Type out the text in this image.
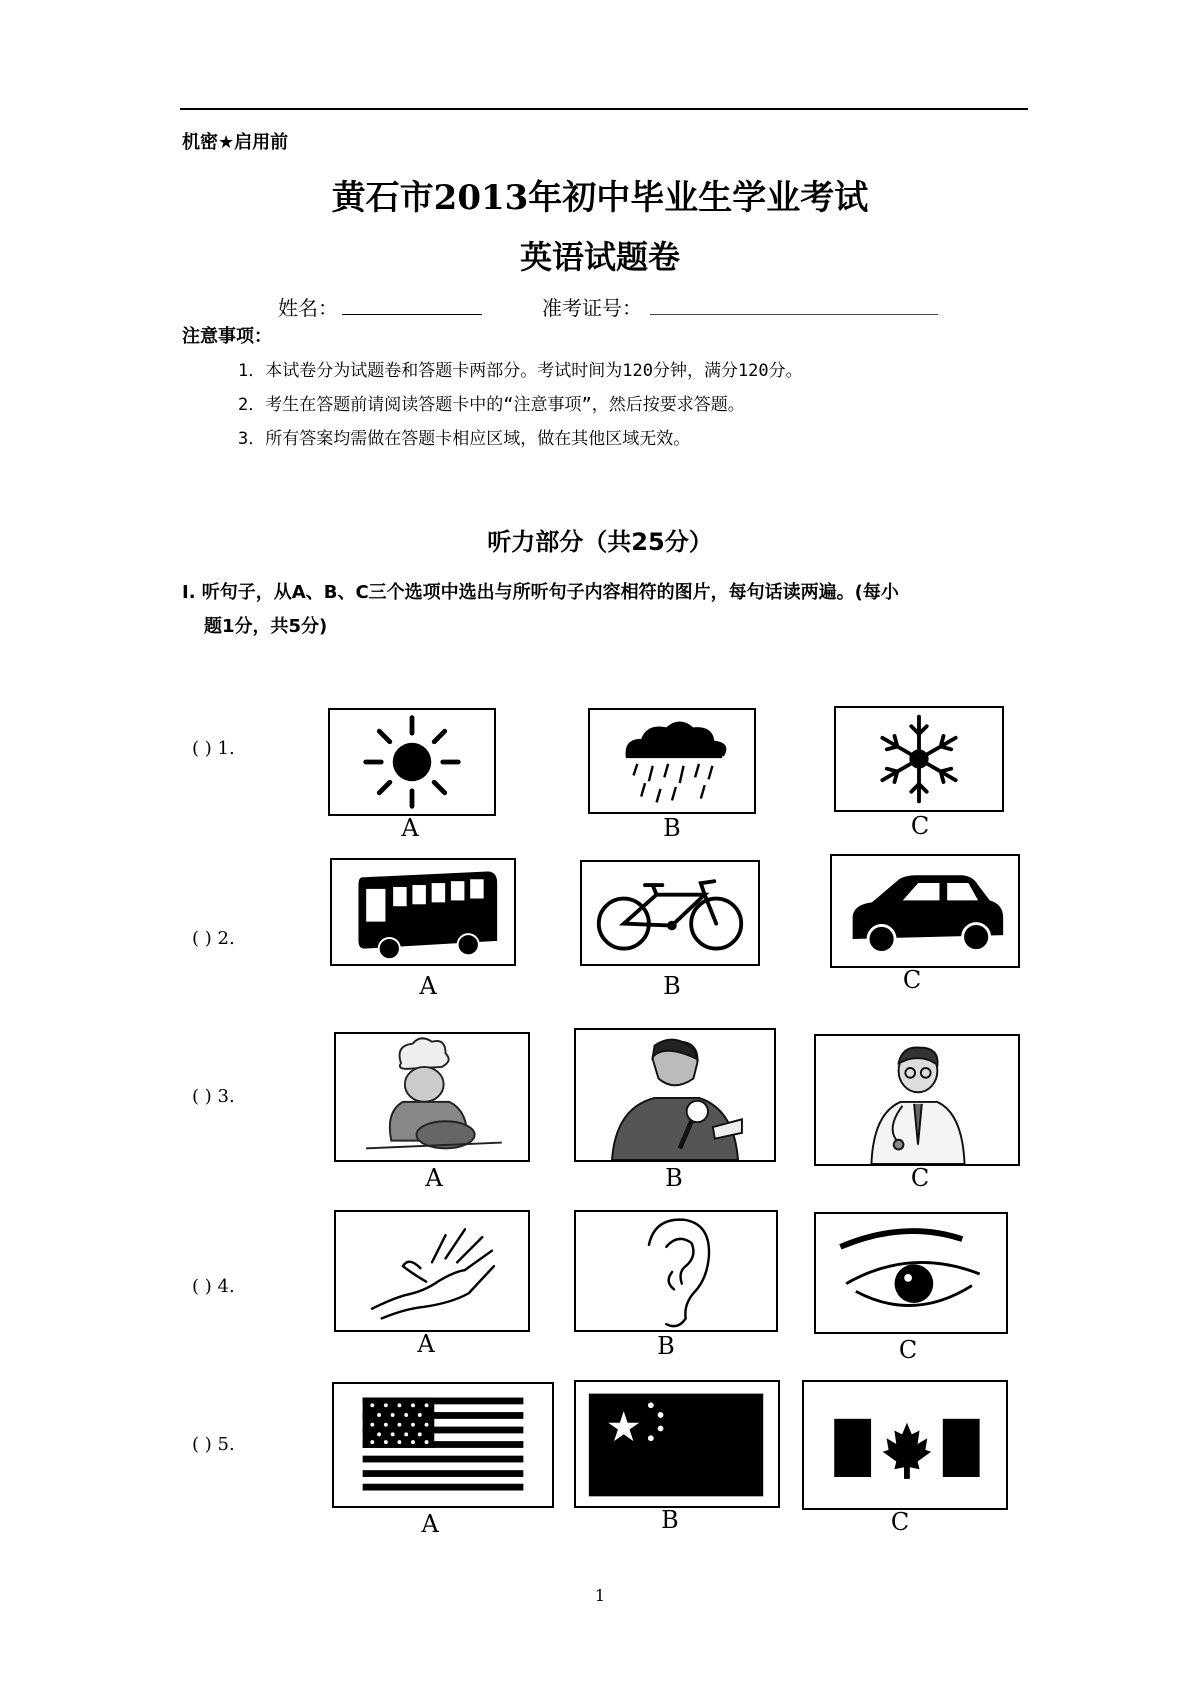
机密★启用前
黄石市2013年初中毕业生学业考试
英语试题卷
姓名：	准考证号：
注意事项：
1．本试卷分为试题卷和答题卡两部分。考试时间为120分钟，满分120分。
2．考生在答题前请阅读答题卡中的“注意事项”，然后按要求答题。
3．所有答案均需做在答题卡相应区域，做在其他区域无效。
听力部分（共25分）
I. 听句子，从A、B、C三个选项中选出与所听句子内容相符的图片，每句话读两遍。(每小
题1分，共5分)
( ) 1.
( ) 2.
( ) 3.
( ) 4.
( ) 5.
A	B	C
A	B	C
A	B	C
A	B	C
A	B	C
1
